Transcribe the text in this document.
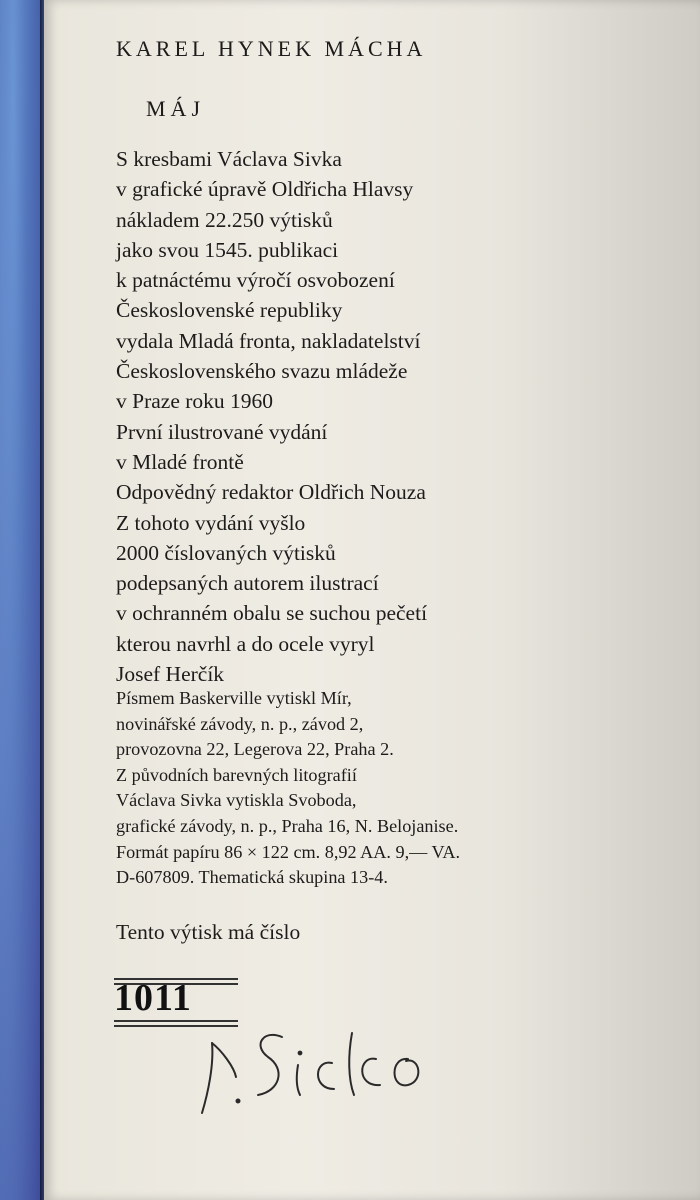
KAREL HYNEK MÁCHA
MÁJ
S kresbami Václava Sivka
v grafické úpravě Oldřicha Hlavsy
nákladem 22.250 výtisků
jako svou 1545. publikaci
k patnáctému výročí osvobození
Československé republiky
vydala Mladá fronta, nakladatelství
Československého svazu mládeže
v Praze roku 1960
První ilustrované vydání
v Mladé frontě
Odpovědný redaktor Oldřich Nouza
Z tohoto vydání vyšlo
2000 číslovaných výtisků
podepsaných autorem ilustrací
v ochranném obalu se suchou pečetí
kterou navrhl a do ocele vyryl
Josef Herčík
Písmem Baskerville vytiskl Mír,
novinářské závody, n. p., závod 2,
provozovna 22, Legerova 22, Praha 2.
Z původních barevných litografií
Václava Sivka vytiskla Svoboda,
grafické závody, n. p., Praha 16, N. Belojanise.
Formát papíru 86 × 122 cm. 8,92 AA. 9,— VA.
D-607809. Thematická skupina 13-4.
Tento výtisk má číslo
1011
